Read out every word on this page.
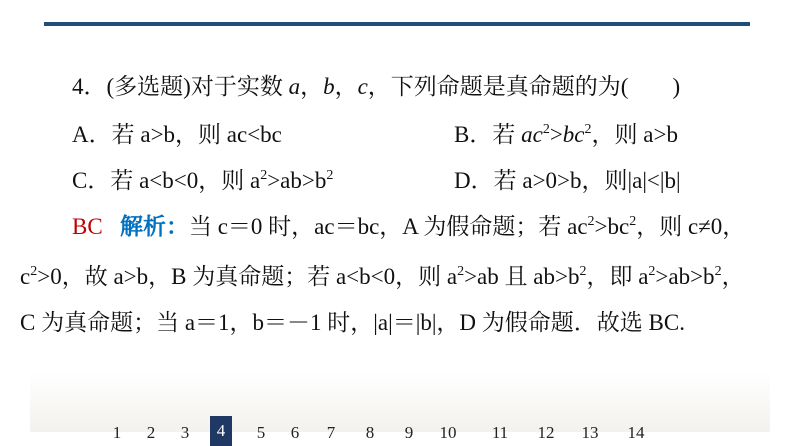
4．(多选题)对于实数 a，b，c，下列命题是真命题的为( )
A．若 a>b，则 ac<bc	B．若 $ac^2>bc^2$，则 a>b
C．若 a<b<0，则 $a^2>ab>b^2$	D．若 a>0>b，则|a|<|b|
BC 解析：当 c＝0 时，ac＝bc，A 为假命题；若 $ac^2>bc^2$，则 c≠0，
$c^2>0$，故 a>b，B 为真命题；若 a<b<0，则 $a^2>ab$ 且 $ab>b^2$，即 $a^2>ab>b^2$，
C 为真命题；当 a＝1，b＝－1 时，|a|＝|b|，D 为假命题．故选 BC.
1	2	3	4	5	6	7	8	9	10	11	12	13	14
